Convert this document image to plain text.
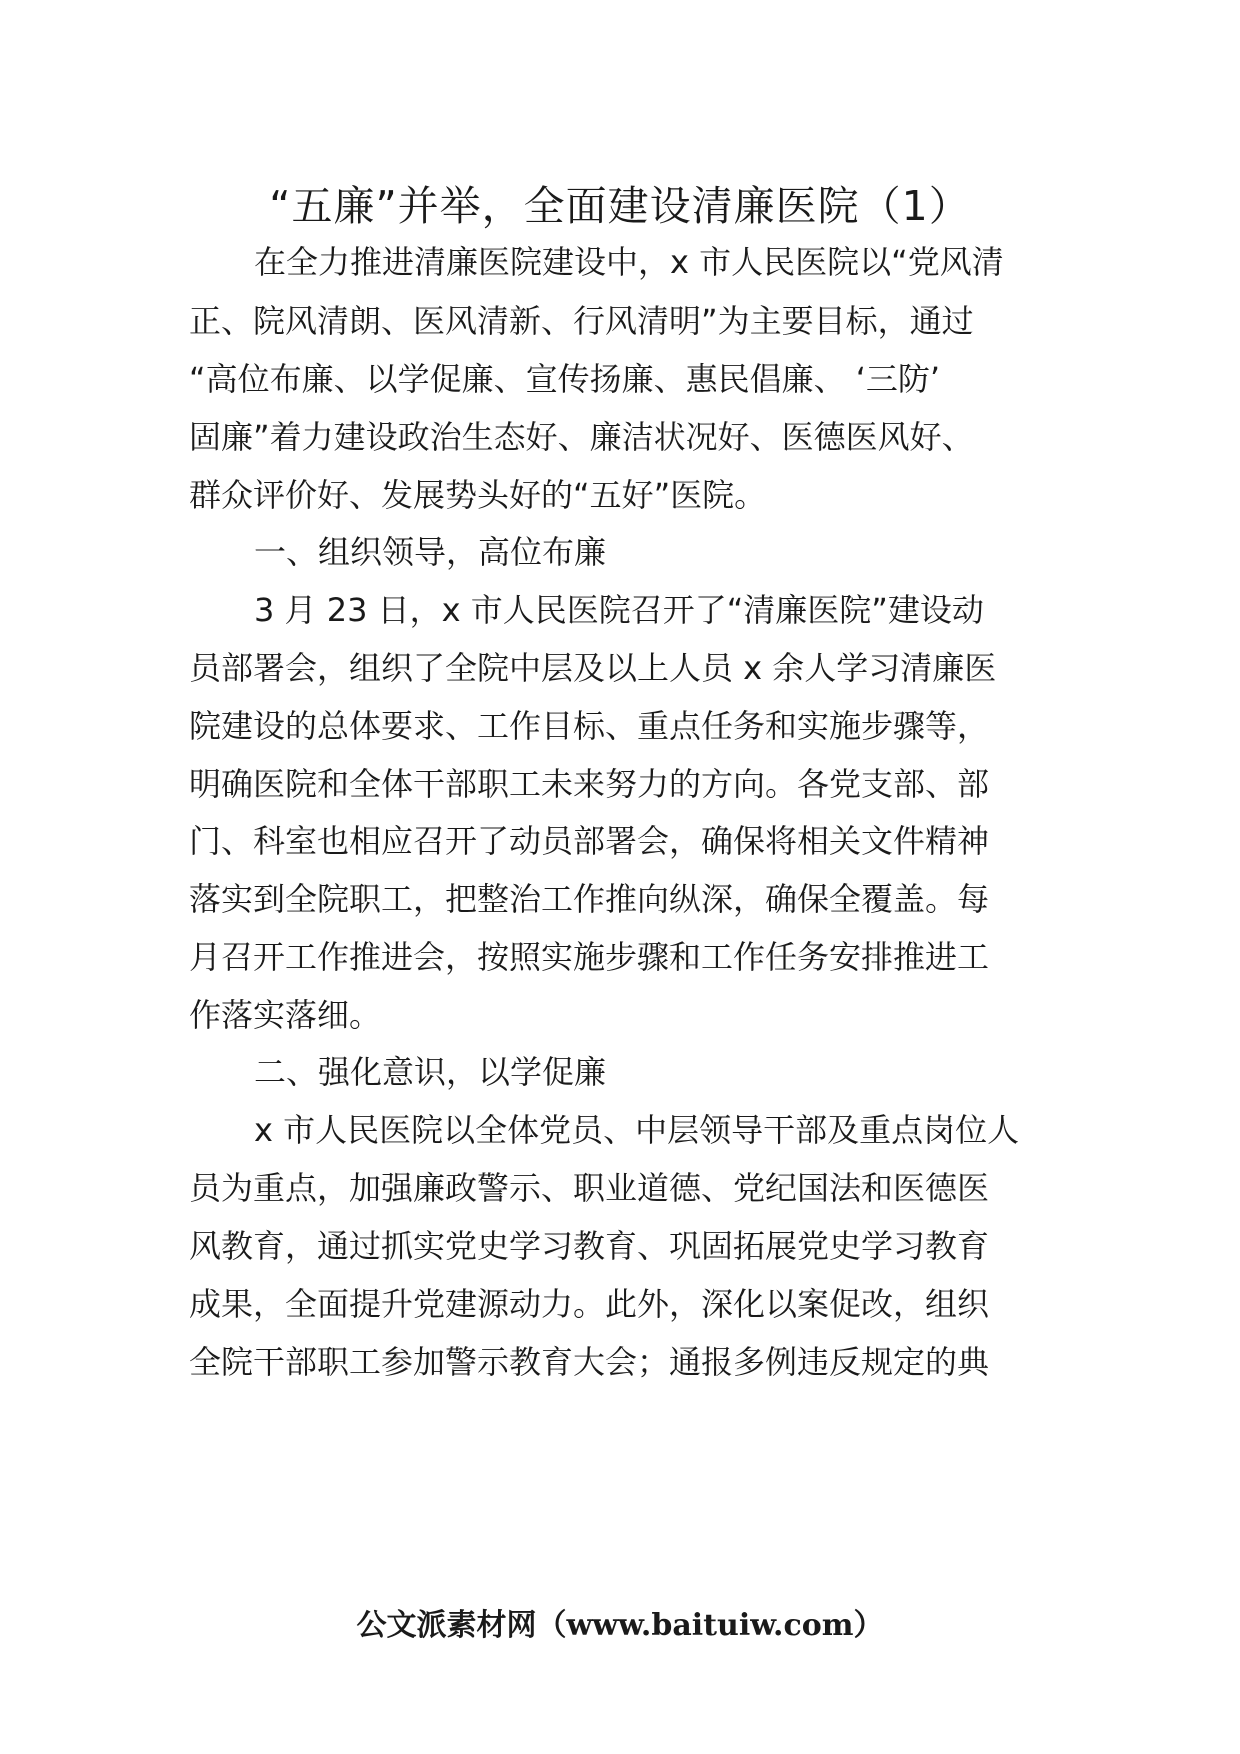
“五廉”并举，全面建设清廉医院（1）
在全力推进清廉医院建设中，x 市人民医院以“党风清
正、院风清朗、医风清新、行风清明”为主要目标，通过
“高位布廉、以学促廉、宣传扬廉、惠民倡廉、 ‘三防’
固廉”着力建设政治生态好、廉洁状况好、医德医风好、
群众评价好、发展势头好的“五好”医院。
一、组织领导，高位布廉
3 月 23 日，x 市人民医院召开了“清廉医院”建设动
员部署会，组织了全院中层及以上人员 x 余人学习清廉医
院建设的总体要求、工作目标、重点任务和实施步骤等，
明确医院和全体干部职工未来努力的方向。各党支部、部
门、科室也相应召开了动员部署会，确保将相关文件精神
落实到全院职工，把整治工作推向纵深，确保全覆盖。每
月召开工作推进会，按照实施步骤和工作任务安排推进工
作落实落细。
二、强化意识，以学促廉
x 市人民医院以全体党员、中层领导干部及重点岗位人
员为重点，加强廉政警示、职业道德、党纪国法和医德医
风教育，通过抓实党史学习教育、巩固拓展党史学习教育
成果，全面提升党建源动力。此外，深化以案促改，组织
全院干部职工参加警示教育大会；通报多例违反规定的典
公文派素材网（www.baituiw.com）
